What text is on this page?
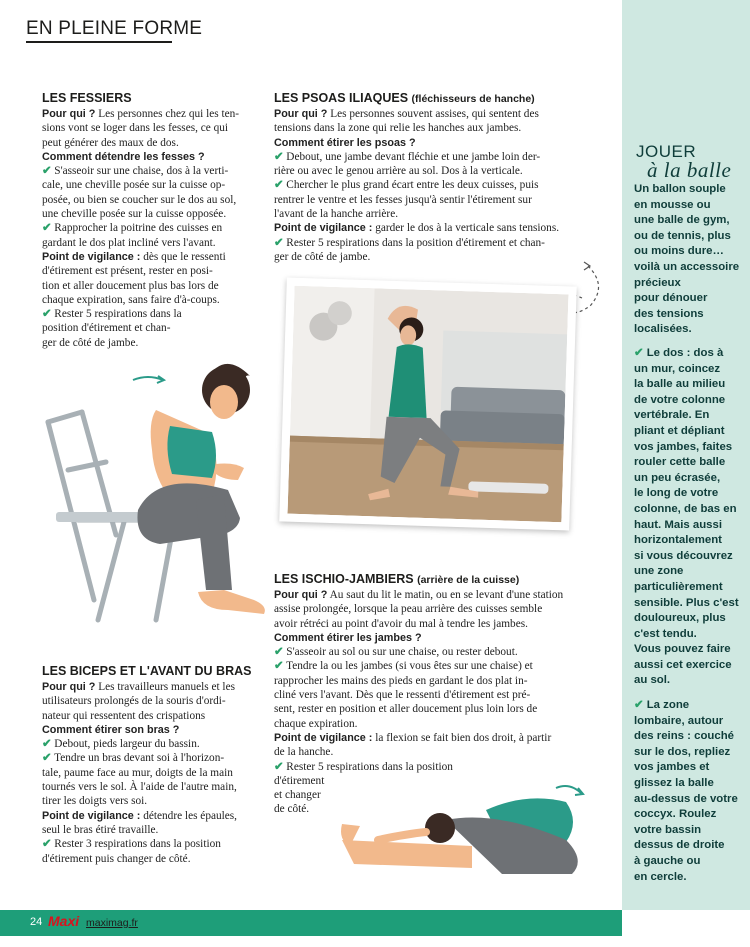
EN PLEINE FORME
LES FESSIERS
Pour qui ? Les personnes chez qui les ten-
sions vont se loger dans les fesses, ce qui
peut générer des maux de dos.
Comment détendre les fesses ?
✔ S'asseoir sur une chaise, dos à la verti-
cale, une cheville posée sur la cuisse op-
posée, ou bien se coucher sur le dos au sol,
une cheville posée sur la cuisse opposée.
✔ Rapprocher la poitrine des cuisses en
gardant le dos plat incliné vers l'avant.
Point de vigilance : dès que le ressenti
d'étirement est présent, rester en posi-
tion et aller doucement plus bas lors de
chaque expiration, sans faire d'à-coups.
✔ Rester 5 respirations dans la
position d'étirement et chan-
ger de côté de jambe.
LES BICEPS ET L'AVANT DU BRAS
Pour qui ? Les travailleurs manuels et les
utilisateurs prolongés de la souris d'ordi-
nateur qui ressentent des crispations
Comment étirer son bras ?
✔ Debout, pieds largeur du bassin.
✔ Tendre un bras devant soi à l'horizon-
tale, paume face au mur, doigts de la main
tournés vers le sol. À l'aide de l'autre main,
tirer les doigts vers soi.
Point de vigilance : détendre les épaules,
seul le bras étiré travaille.
✔ Rester 3 respirations dans la position
d'étirement puis changer de côté.
LES PSOAS ILIAQUES (fléchisseurs de hanche)
Pour qui ? Les personnes souvent assises, qui sentent des
tensions dans la zone qui relie les hanches aux jambes.
Comment étirer les psoas ?
✔ Debout, une jambe devant fléchie et une jambe loin der-
rière ou avec le genou arrière au sol. Dos à la verticale.
✔ Chercher le plus grand écart entre les deux cuisses, puis
rentrer le ventre et les fesses jusqu'à sentir l'étirement sur
l'avant de la hanche arrière.
Point de vigilance : garder le dos à la verticale sans tensions.
✔ Rester 5 respirations dans la position d'étirement et chan-
ger de côté de jambe.
LES ISCHIO-JAMBIERS (arrière de la cuisse)
Pour qui ? Au saut du lit le matin, ou en se levant d'une station
assise prolongée, lorsque la peau arrière des cuisses semble
avoir rétréci au point d'avoir du mal à tendre les jambes.
Comment étirer les jambes ?
✔ S'asseoir au sol ou sur une chaise, ou rester debout.
✔ Tendre la ou les jambes (si vous êtes sur une chaise) et
rapprocher les mains des pieds en gardant le dos plat in-
cliné vers l'avant. Dès que le ressenti d'étirement est pré-
sent, rester en position et aller doucement plus loin lors de
chaque expiration.
Point de vigilance : la flexion se fait bien dos droit, à partir
de la hanche.
✔ Rester 5 respirations dans la position
d'étirement
et changer
de côté.
JOUER
à la balle
Un ballon souple
en mousse ou
une balle de gym,
ou de tennis, plus
ou moins dure…
voilà un accessoire
précieux
pour dénouer
des tensions
localisées.
✔ Le dos : dos à
un mur, coincez
la balle au milieu
de votre colonne
vertébrale. En
pliant et dépliant
vos jambes, faites
rouler cette balle
un peu écrasée,
le long de votre
colonne, de bas en
haut. Mais aussi
horizontalement
si vous découvrez
une zone
particulièrement
sensible. Plus c'est
douloureux, plus
c'est tendu.
Vous pouvez faire
aussi cet exercice
au sol.
✔ La zone
lombaire, autour
des reins : couché
sur le dos, repliez
vos jambes et
glissez la balle
au-dessus de votre
coccyx. Roulez
votre bassin
dessus de droite
à gauche ou
en cercle.
24 Maxi maximag.fr
